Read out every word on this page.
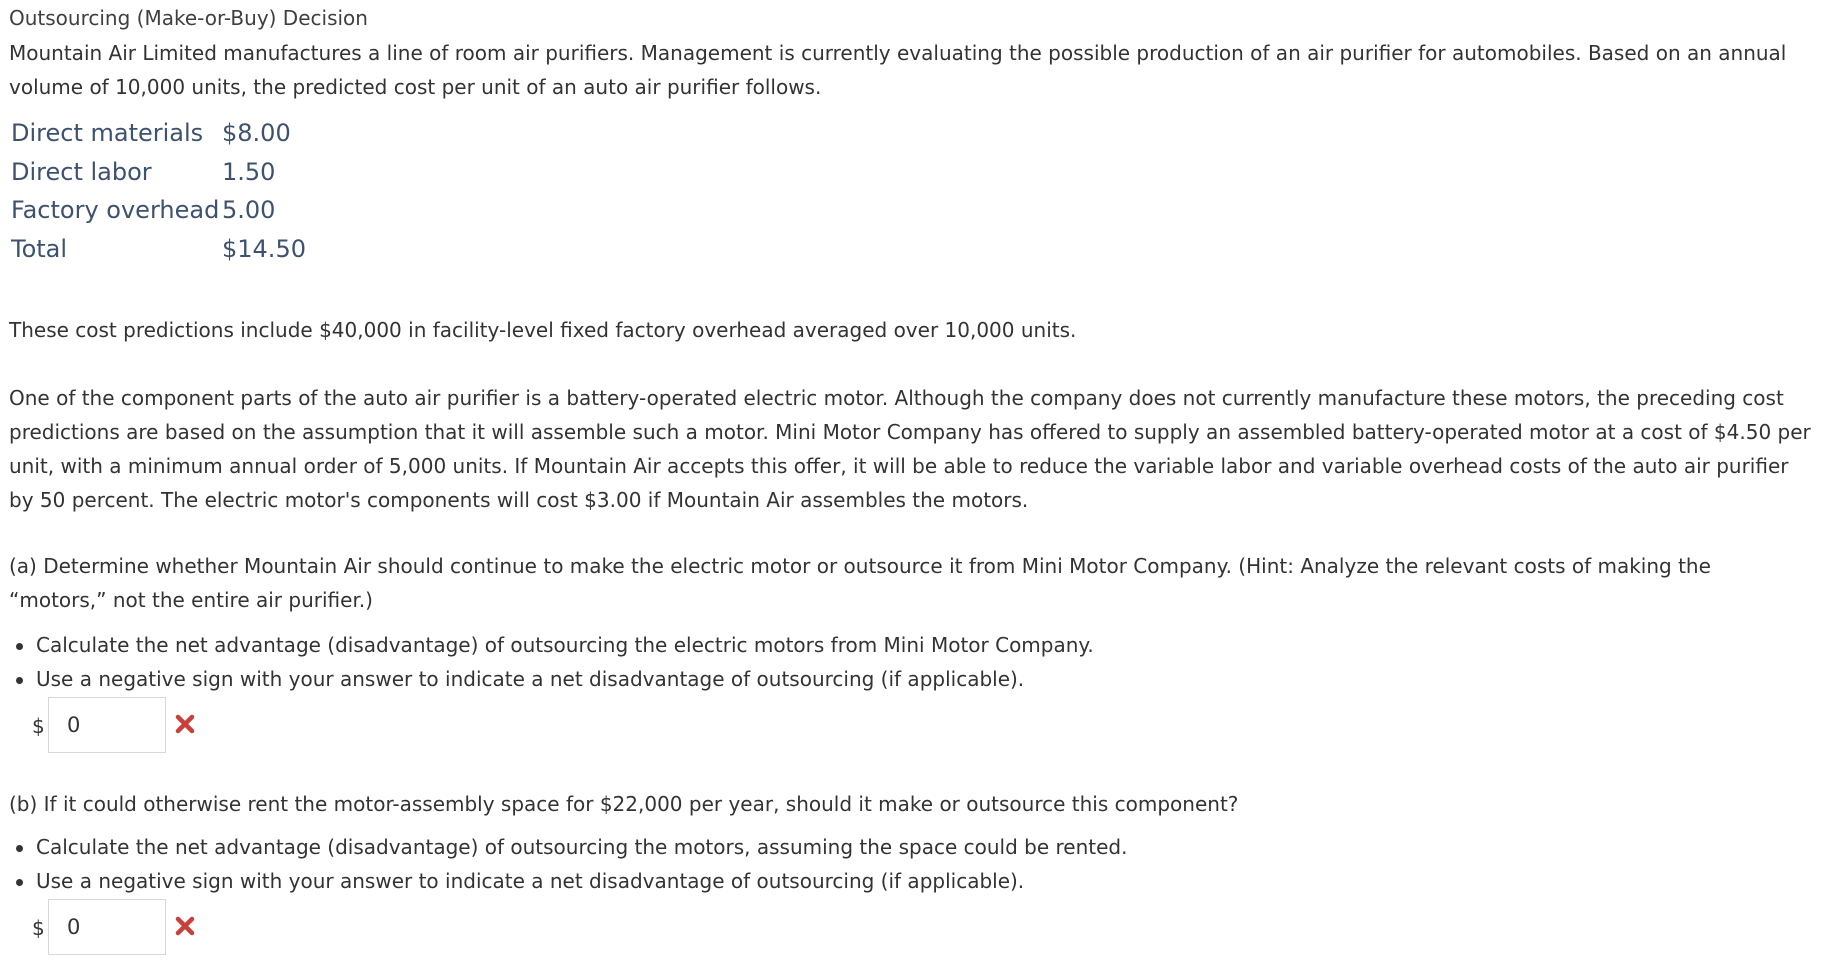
Outsourcing (Make-or-Buy) Decision
Mountain Air Limited manufactures a line of room air purifiers. Management is currently evaluating the possible production of an air purifier for automobiles. Based on an annual volume of 10,000 units, the predicted cost per unit of an auto air purifier follows.
Direct materials	$8.00
Direct labor	1.50
Factory overhead	5.00
Total	$14.50
These cost predictions include $40,000 in facility-level fixed factory overhead averaged over 10,000 units.
One of the component parts of the auto air purifier is a battery-operated electric motor. Although the company does not currently manufacture these motors, the preceding cost predictions are based on the assumption that it will assemble such a motor. Mini Motor Company has offered to supply an assembled battery-operated motor at a cost of $4.50 per unit, with a minimum annual order of 5,000 units. If Mountain Air accepts this offer, it will be able to reduce the variable labor and variable overhead costs of the auto air purifier by 50 percent. The electric motor's components will cost $3.00 if Mountain Air assembles the motors.
(a) Determine whether Mountain Air should continue to make the electric motor or outsource it from Mini Motor Company. (Hint: Analyze the relevant costs of making the “motors,” not the entire air purifier.)
Calculate the net advantage (disadvantage) of outsourcing the electric motors from Mini Motor Company.
Use a negative sign with your answer to indicate a net disadvantage of outsourcing (if applicable).
$
0
(b) If it could otherwise rent the motor-assembly space for $22,000 per year, should it make or outsource this component?
Calculate the net advantage (disadvantage) of outsourcing the motors, assuming the space could be rented.
Use a negative sign with your answer to indicate a net disadvantage of outsourcing (if applicable).
$
0
